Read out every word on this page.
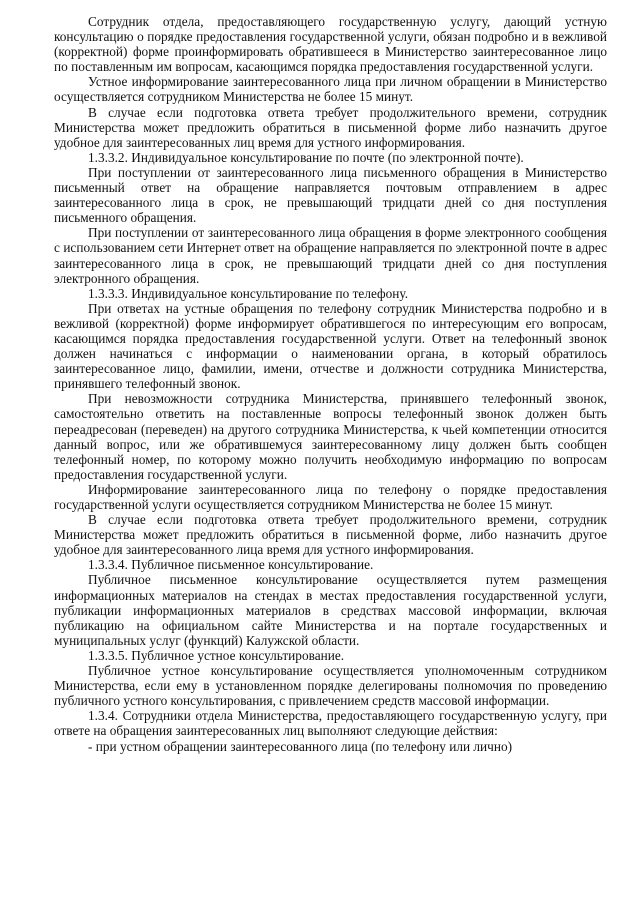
Сотрудник отдела, предоставляющего государственную услугу, дающий устную консультацию о порядке предоставления государственной услуги, обязан подробно и в вежливой (корректной) форме проинформировать обратившееся в Министерство заинтересованное лицо по поставленным им вопросам, касающимся порядка предоставления государственной услуги.

Устное информирование заинтересованного лица при личном обращении в Министерство осуществляется сотрудником Министерства не более 15 минут.

В случае если подготовка ответа требует продолжительного времени, сотрудник Министерства может предложить обратиться в письменной форме либо назначить другое удобное для заинтересованных лиц время для устного информирования.

1.3.3.2. Индивидуальное консультирование по почте (по электронной почте).

При поступлении от заинтересованного лица письменного обращения в Министерство письменный ответ на обращение направляется почтовым отправлением в адрес заинтересованного лица в срок, не превышающий тридцати дней со дня поступления письменного обращения.

При поступлении от заинтересованного лица обращения в форме электронного сообщения с использованием сети Интернет ответ на обращение направляется по электронной почте в адрес заинтересованного лица в срок, не превышающий тридцати дней со дня поступления электронного обращения.

1.3.3.3. Индивидуальное консультирование по телефону.

При ответах на устные обращения по телефону сотрудник Министерства подробно и в вежливой (корректной) форме информирует обратившегося по интересующим его вопросам, касающимся порядка предоставления государственной услуги. Ответ на телефонный звонок должен начинаться с информации о наименовании органа, в который обратилось заинтересованное лицо, фамилии, имени, отчестве и должности сотрудника Министерства, принявшего телефонный звонок.

При невозможности сотрудника Министерства, принявшего телефонный звонок, самостоятельно ответить на поставленные вопросы телефонный звонок должен быть переадресован (переведен) на другого сотрудника Министерства, к чьей компетенции относится данный вопрос, или же обратившемуся заинтересованному лицу должен быть сообщен телефонный номер, по которому можно получить необходимую информацию по вопросам предоставления государственной услуги.

Информирование заинтересованного лица по телефону о порядке предоставления государственной услуги осуществляется сотрудником Министерства не более 15 минут.

В случае если подготовка ответа требует продолжительного времени, сотрудник Министерства может предложить обратиться в письменной форме, либо назначить другое удобное для заинтересованного лица время для устного информирования.

1.3.3.4. Публичное письменное консультирование.

Публичное письменное консультирование осуществляется путем размещения информационных материалов на стендах в местах предоставления государственной услуги, публикации информационных материалов в средствах массовой информации, включая публикацию на официальном сайте Министерства и на портале государственных и муниципальных услуг (функций) Калужской области.

1.3.3.5. Публичное устное консультирование.

Публичное устное консультирование осуществляется уполномоченным сотрудником Министерства, если ему в установленном порядке делегированы полномочия по проведению публичного устного консультирования, с привлечением средств массовой информации.

1.3.4. Сотрудники отдела Министерства, предоставляющего государственную услугу, при ответе на обращения заинтересованных лиц выполняют следующие действия:

- при устном обращении заинтересованного лица (по телефону или лично)
